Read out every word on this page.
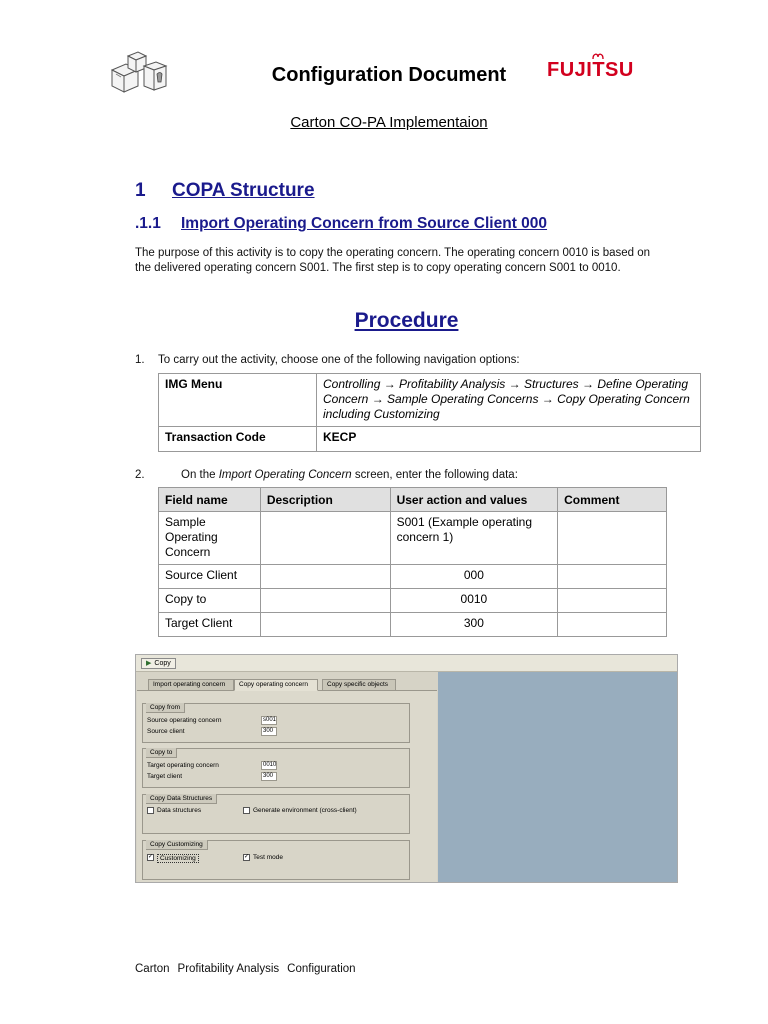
Configuration Document	FUJITSU
Carton CO-PA Implementaion
1 COPA Structure
.1.1 Import Operating Concern from Source Client 000
The purpose of this activity is to copy the operating concern. The operating concern 0010 is based on the delivered operating concern S001. The first step is to copy operating concern S001 to 0010.
Procedure
1. To carry out the activity, choose one of the following navigation options:
IMG Menu	Controlling → Profitability Analysis → Structures → Define Operating Concern → Sample Operating Concerns → Copy Operating Concern including Customizing
Transaction Code	KECP
2.	On the Import Operating Concern screen, enter the following data:
Field name	Description	User action and values	Comment
Sample Operating Concern		S001 (Example operating concern 1)	
Source Client		000	
Copy to		0010	
Target Client		300	
▶ Copy
Copy from
Source operating concern	s001
Source client	300
Copy to
Target operating concern	0010
Target client	300
Copy Data Structures
Data structures	Generate environment (cross-client)
Copy Customizing
✓	Customizing	✓ Test mode
Import operating concern	Copy operating concern	Copy specific objects
Carton Profitability Analysis Configuration
